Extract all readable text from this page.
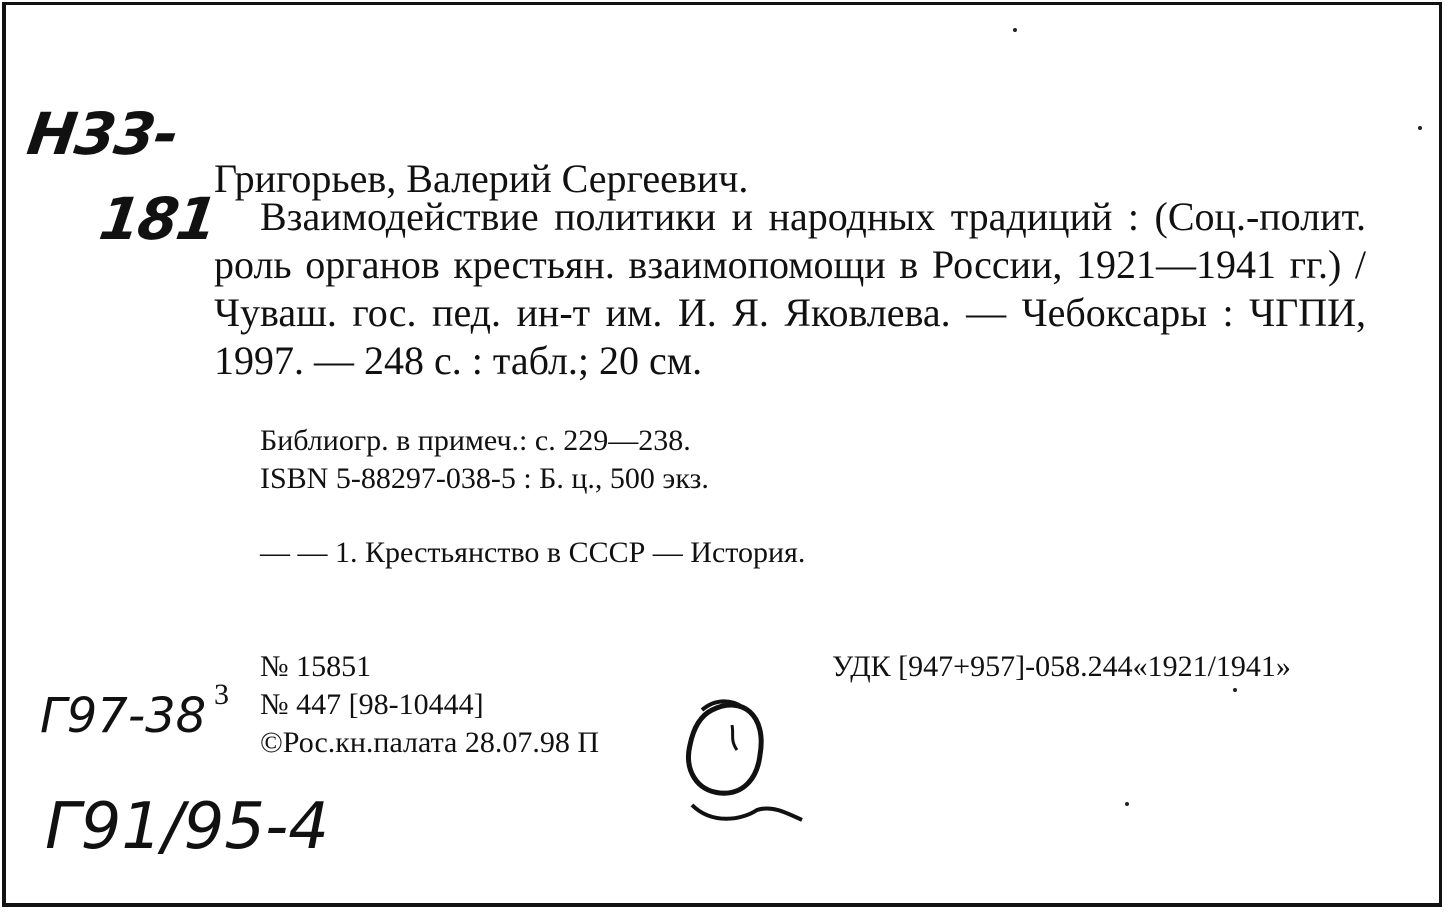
Н33-
181
Григорьев, Валерий Сергеевич.
Взаимодействие политики и народных традиций : (Соц.-полит. роль органов крестьян. взаимопомощи в России, 1921—1941 гг.) / Чуваш. гос. пед. ин-т им. И. Я. Яковлева. — Чебоксары : ЧГПИ, 1997. — 248 с. : табл.; 20 см.
Библиогр. в примеч.: с. 229—238.
ISBN 5-88297-038-5 : Б. ц., 500 экз.
— — 1. Крестьянство в СССР — История.
№ 15851	УДК [947+957]-058.244«1921/1941»
3 № 447 [98-10444]
©Рос.кн.палата 28.07.98 П
Г97-38
Г91/95-4
